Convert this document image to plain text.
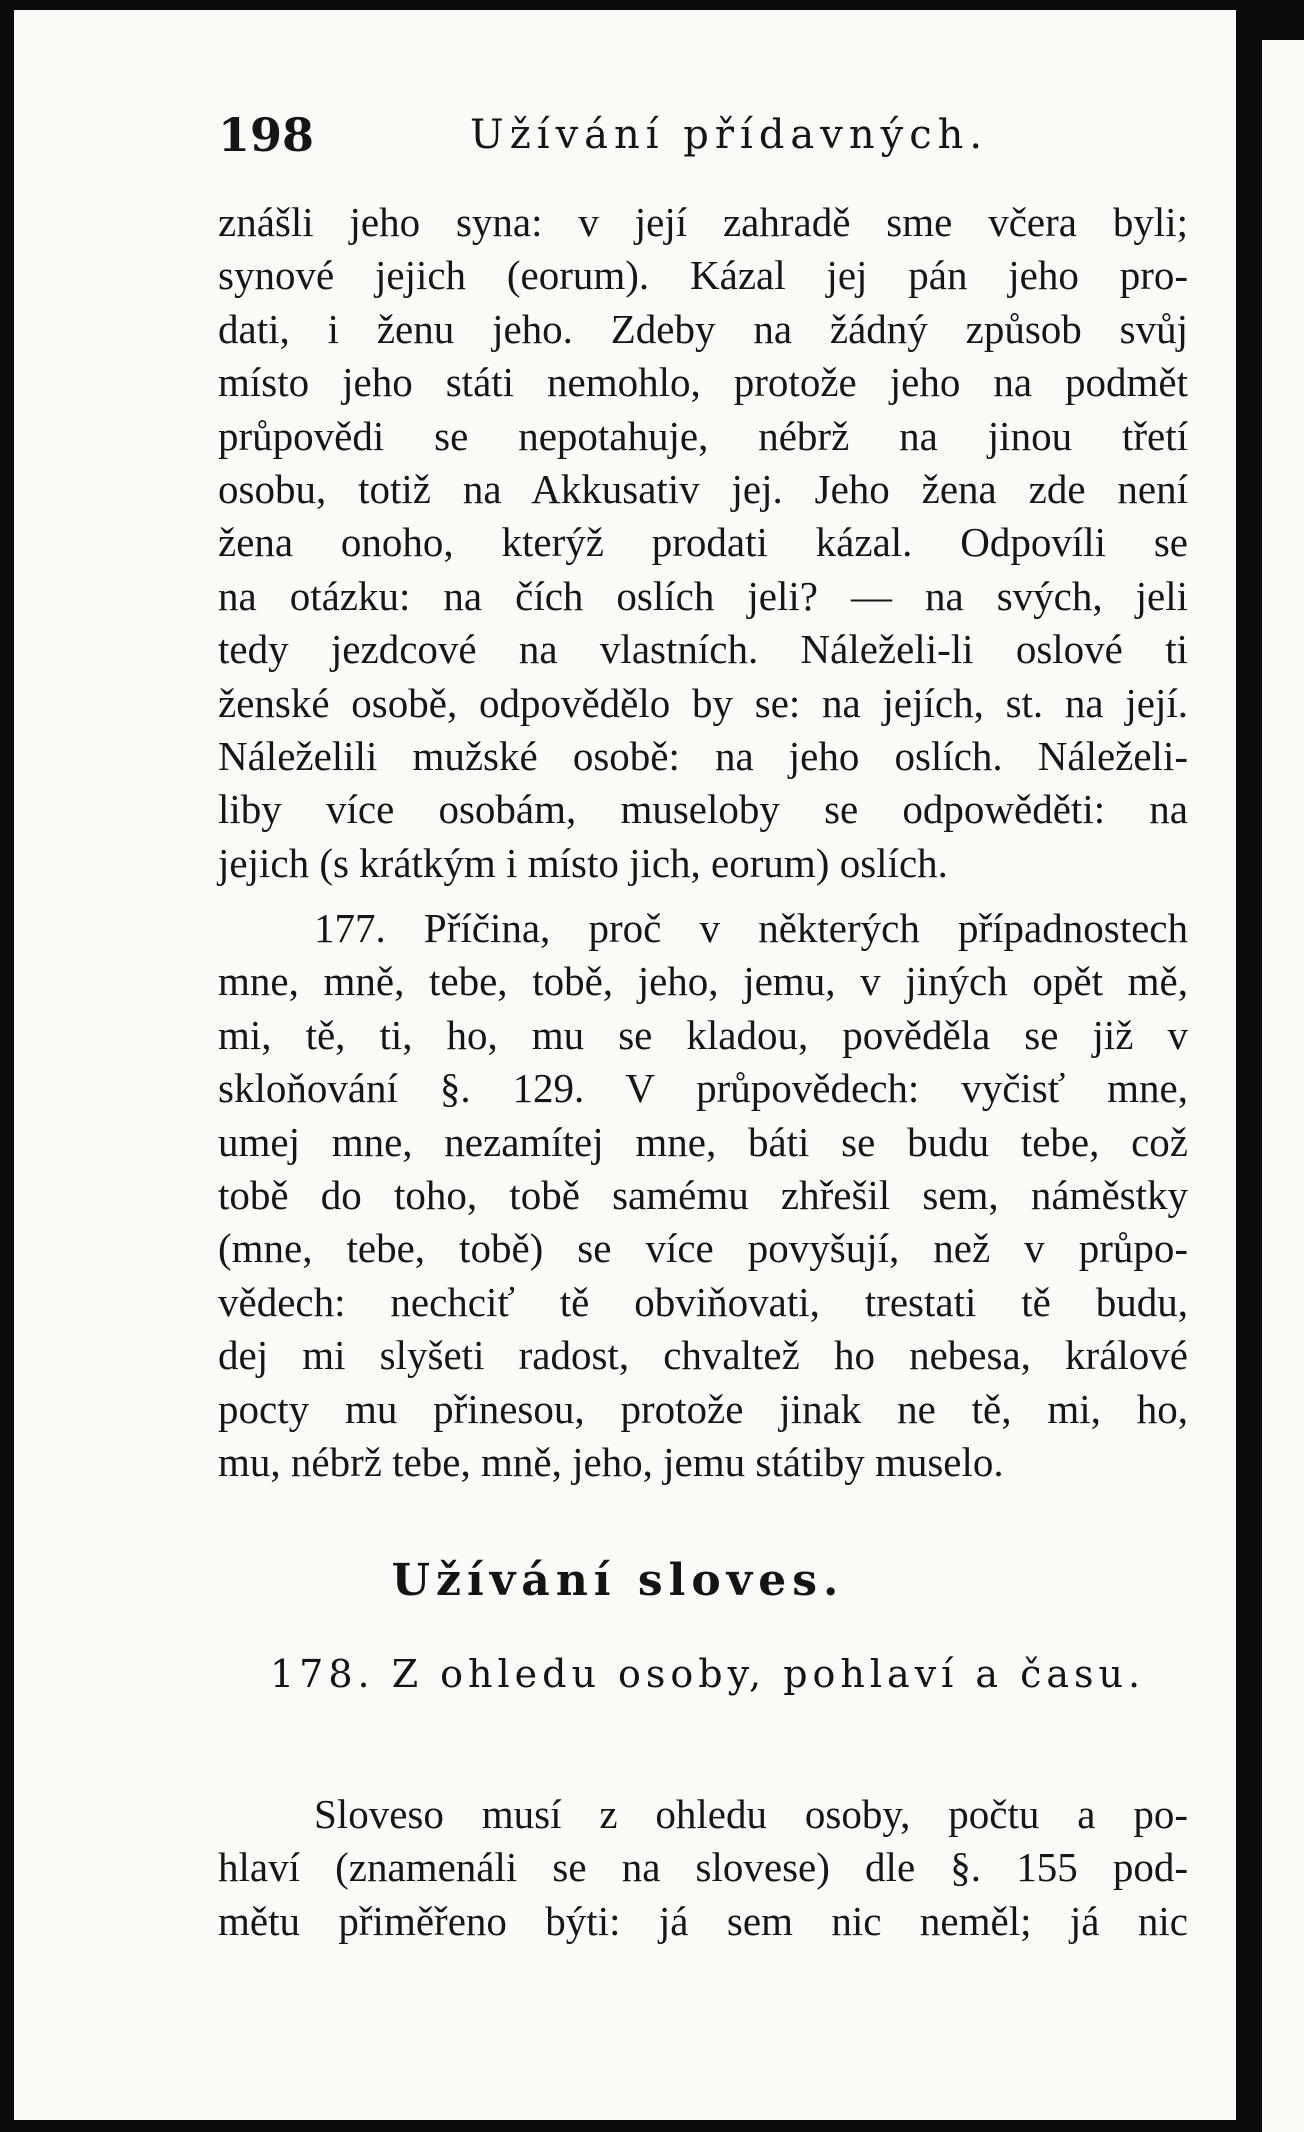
198	Užívání přídavných.
znášli jeho syna: v její zahradě sme včera byli;
synové jejich (eorum). Kázal jej pán jeho pro-
dati, i ženu jeho. Zdeby na žádný způsob svůj
místo jeho státi nemohlo, protože jeho na podmět
průpovědi se nepotahuje, nébrž na jinou třetí
osobu, totiž na Akkusativ jej. Jeho žena zde není
žena onoho, kterýž prodati kázal. Odpovíli se
na otázku: na čích oslích jeli? — na svých, jeli
tedy jezdcové na vlastních. Náleželi-li oslové ti
ženské osobě, odpovědělo by se: na jejích, st. na její.
Náleželili mužské osobě: na jeho oslích. Náleželi-
liby více osobám, museloby se odpowěděti: na
jejich (s krátkým i místo jich, eorum) oslích.
177. Příčina, proč v některých případnostech
mne, mně, tebe, tobě, jeho, jemu, v jiných opět mě,
mi, tě, ti, ho, mu se kladou, pověděla se již v
skloňování §. 129. V průpovědech: vyčisť mne,
umej mne, nezamítej mne, báti se budu tebe, což
tobě do toho, tobě samému zhřešil sem, náměstky
(mne, tebe, tobě) se více povyšují, než v průpo-
vědech: nechciť tě obviňovati, trestati tě budu,
dej mi slyšeti radost, chvaltež ho nebesa, králové
pocty mu přinesou, protože jinak ne tě, mi, ho,
mu, nébrž tebe, mně, jeho, jemu státiby muselo.
Užívání sloves.
178. Z ohledu osoby, pohlaví a času.
Sloveso musí z ohledu osoby, počtu a po-
hlaví (znamenáli se na slovese) dle §. 155 pod-
mětu přiměřeno býti: já sem nic neměl; já nic
